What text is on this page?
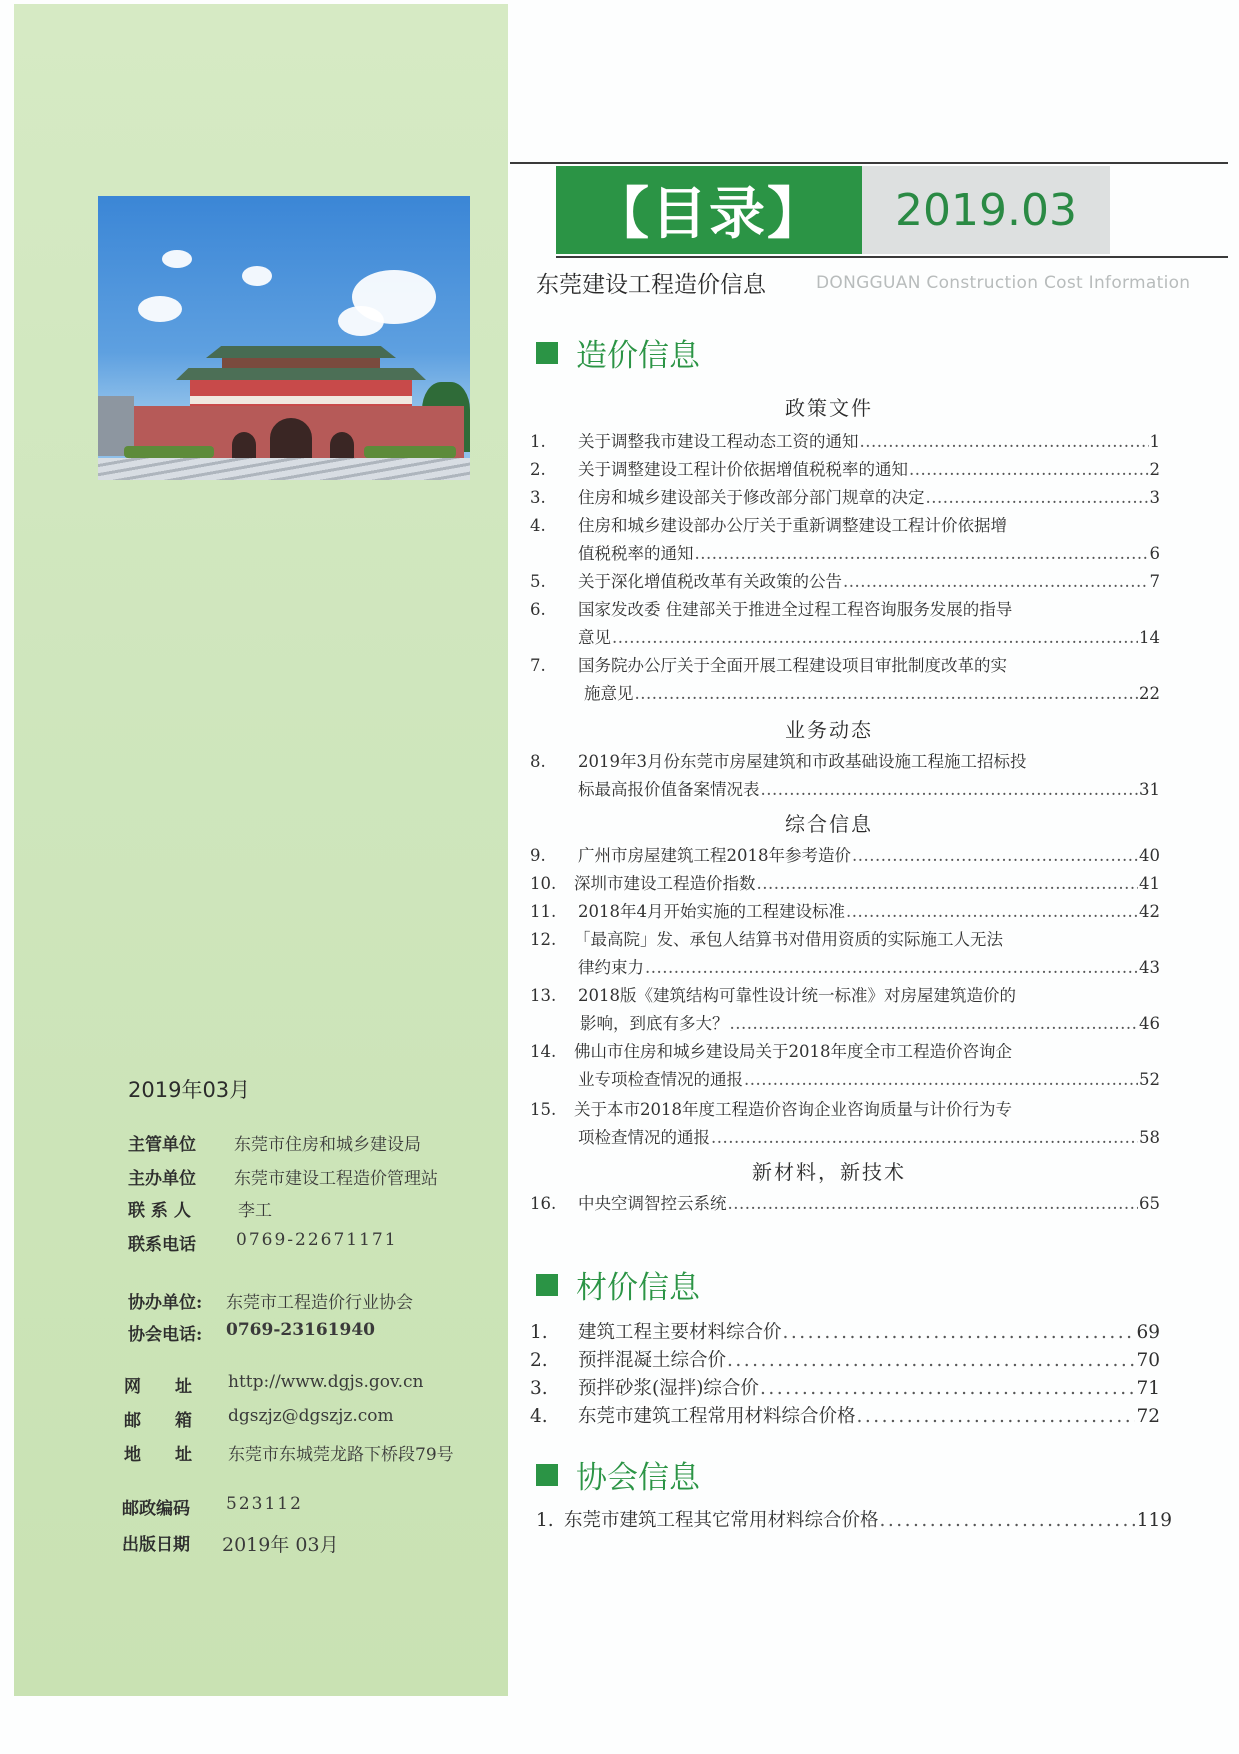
2019年03月
主管单位	东莞市住房和城乡建设局
主办单位	东莞市建设工程造价管理站
联 系 人	李工
联系电话	0769-22671171
协办单位:	东莞市工程造价行业协会
协会电话:	0769-23161940
网　　址	http://www.dgjs.gov.cn
邮　　箱	dgszjz@dgszjz.com
地　　址	东莞市东城莞龙路下桥段79号
邮政编码	523112
出版日期	2019年 03月
【目录】 2019.03
东莞建设工程造价信息	DONGGUAN Construction Cost Information
造价信息
政策文件
1.	关于调整我市建设工程动态工资的通知 .....	1
2.	关于调整建设工程计价依据增值税税率的通知 .....	2
3.	住房和城乡建设部关于修改部分部门规章的决定 .....	3
4.	住房和城乡建设部办公厅关于重新调整建设工程计价依据增
值税税率的通知 .....	6
5.	关于深化增值税改革有关政策的公告 .....	7
6.	国家发改委 住建部关于推进全过程工程咨询服务发展的指导
意见 .....	14
7.	国务院办公厅关于全面开展工程建设项目审批制度改革的实
施意见 .....	22
业务动态
8.	2019年3月份东莞市房屋建筑和市政基础设施工程施工招标投
标最高报价值备案情况表 .....	31
综合信息
9.	广州市房屋建筑工程2018年参考造价 .....	40
10.	深圳市建设工程造价指数 .....	41
11.	2018年4月开始实施的工程建设标准 .....	42
12.	「最高院」发、承包人结算书对借用资质的实际施工人无法
律约束力 .....	43
13.	2018版《建筑结构可靠性设计统一标准》对房屋建筑造价的
影响，到底有多大？ .....	46
14.	佛山市住房和城乡建设局关于2018年度全市工程造价咨询企
业专项检查情况的通报 .....	52
15.	关于本市2018年度工程造价咨询企业咨询质量与计价行为专
项检查情况的通报 .....	58
新材料，新技术
16.	中央空调智控云系统 .....	65
材价信息
1.	建筑工程主要材料综合价 .....	69
2.	预拌混凝土综合价 .....	70
3.	预拌砂浆(湿拌)综合价 .....	71
4.	东莞市建筑工程常用材料综合价格 .....	72
协会信息
1. 东莞市建筑工程其它常用材料综合价格 .....	119
